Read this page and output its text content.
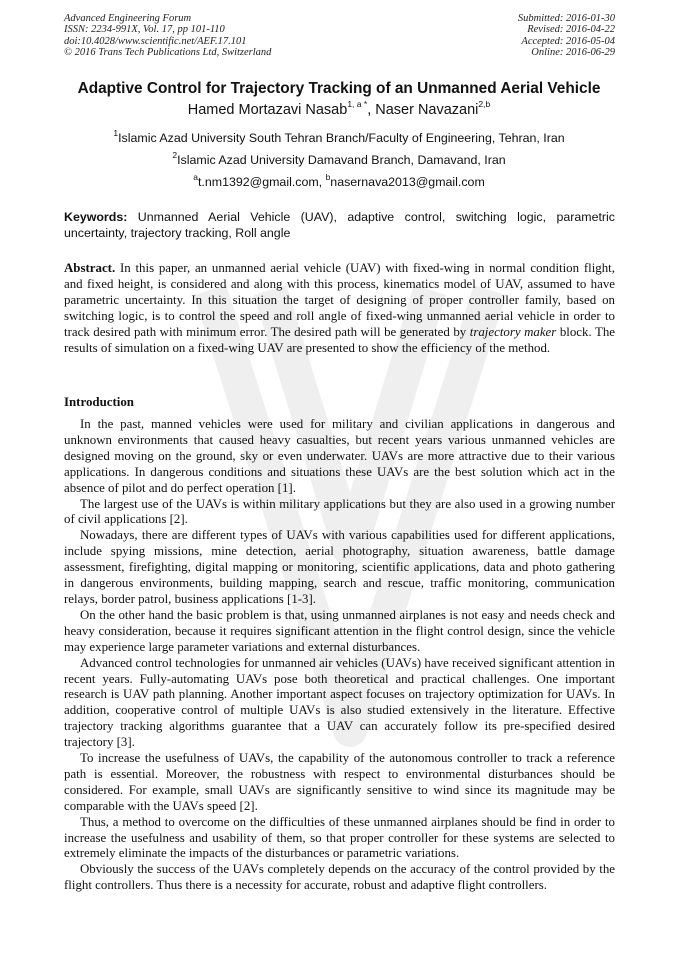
Advanced Engineering Forum
ISSN: 2234-991X, Vol. 17, pp 101-110
doi:10.4028/www.scientific.net/AEF.17.101
© 2016 Trans Tech Publications Ltd, Switzerland
Submitted: 2016-01-30
Revised: 2016-04-22
Accepted: 2016-05-04
Online: 2016-06-29
Adaptive Control for Trajectory Tracking of an Unmanned Aerial Vehicle
Hamed Mortazavi Nasab$^{1, a *}$, Naser Navazani$^{2,b}$
$^1$Islamic Azad University South Tehran Branch/Faculty of Engineering, Tehran, Iran
$^2$Islamic Azad University Damavand Branch, Damavand, Iran
$^a$t.nm1392@gmail.com, $^b$nasernava2013@gmail.com
Keywords: Unmanned Aerial Vehicle (UAV), adaptive control, switching logic, parametric uncertainty, trajectory tracking, Roll angle
Abstract. In this paper, an unmanned aerial vehicle (UAV) with fixed-wing in normal condition flight, and fixed height, is considered and along with this process, kinematics model of UAV, assumed to have parametric uncertainty. In this situation the target of designing of proper controller family, based on switching logic, is to control the speed and roll angle of fixed-wing unmanned aerial vehicle in order to track desired path with minimum error. The desired path will be generated by trajectory maker block. The results of simulation on a fixed-wing UAV are presented to show the efficiency of the method.
Introduction

In the past, manned vehicles were used for military and civilian applications in dangerous and unknown environments that caused heavy casualties, but recent years various unmanned vehicles are designed moving on the ground, sky or even underwater. UAVs are more attractive due to their various applications. In dangerous conditions and situations these UAVs are the best solution which act in the absence of pilot and do perfect operation [1].

The largest use of the UAVs is within military applications but they are also used in a growing number of civil applications [2].

Nowadays, there are different types of UAVs with various capabilities used for different applications, include spying missions, mine detection, aerial photography, situation awareness, battle damage assessment, firefighting, digital mapping or monitoring, scientific applications, data and photo gathering in dangerous environments, building mapping, search and rescue, traffic monitoring, communication relays, border patrol, business applications [1-3].

On the other hand the basic problem is that, using unmanned airplanes is not easy and needs check and heavy consideration, because it requires significant attention in the flight control design, since the vehicle may experience large parameter variations and external disturbances.

Advanced control technologies for unmanned air vehicles (UAVs) have received significant attention in recent years. Fully-automating UAVs pose both theoretical and practical challenges. One important research is UAV path planning. Another important aspect focuses on trajectory optimization for UAVs. In addition, cooperative control of multiple UAVs is also studied extensively in the literature. Effective trajectory tracking algorithms guarantee that a UAV can accurately follow its pre-specified desired trajectory [3].

To increase the usefulness of UAVs, the capability of the autonomous controller to track a reference path is essential. Moreover, the robustness with respect to environmental disturbances should be considered. For example, small UAVs are significantly sensitive to wind since its magnitude may be comparable with the UAVs speed [2].

Thus, a method to overcome on the difficulties of these unmanned airplanes should be find in order to increase the usefulness and usability of them, so that proper controller for these systems are selected to extremely eliminate the impacts of the disturbances or parametric variations.

Obviously the success of the UAVs completely depends on the accuracy of the control provided by the flight controllers. Thus there is a necessity for accurate, robust and adaptive flight controllers.
